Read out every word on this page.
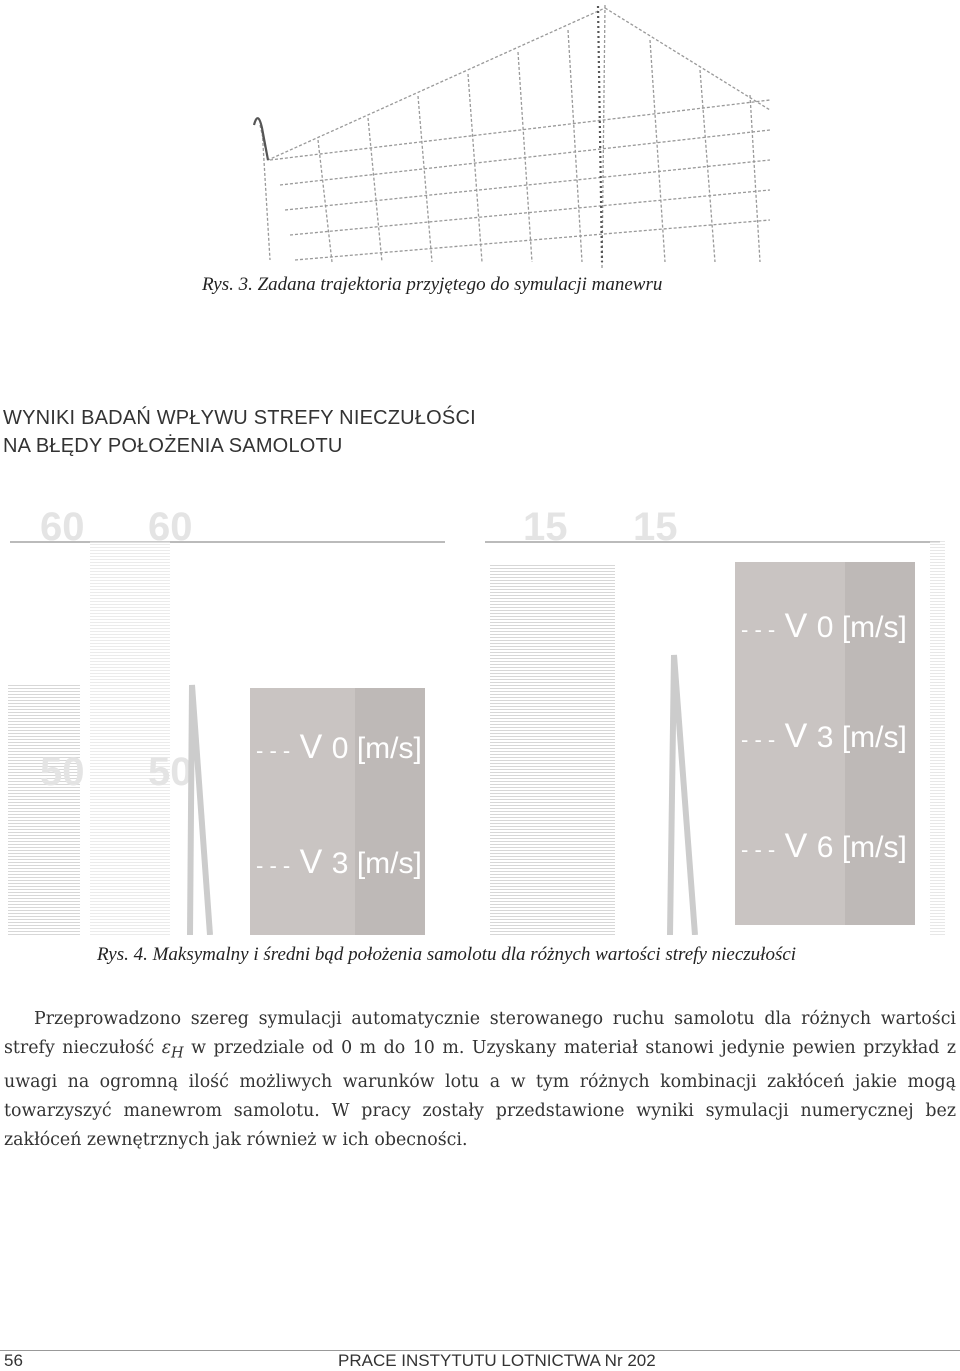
Rys. 3. Zadana trajektoria przyjętego do symulacji manewru
WYNIKI BADAŃ WPŁYWU STREFY NIECZUŁOŚCI
NA BŁĘDY POŁOŻENIA SAMOLOTU
60 60
50 50	- - - V 0 [m/s]
- - - V 3 [m/s]
15 15
- - - V 0 [m/s]
- - - V 3 [m/s]
- - - V 6 [m/s]
Rys. 4. Maksymalny i średni bąd położenia samolotu dla różnych wartości strefy nieczułości

Przeprowadzono szereg symulacji automatycznie sterowanego ruchu samolotu dla różnych wartości strefy nieczułość $\varepsilon_H$ w przedziale od 0 m do 10 m. Uzyskany materiał stanowi jedynie pewien przykład z uwagi na ogromną ilość możliwych warunków lotu a w tym różnych kombinacji zakłóceń jakie mogą towarzyszyć manewrom samolotu. W pracy zostały przedstawione wyniki symulacji numerycznej bez zakłóceń zewnętrznych jak również w ich obecności.

56	PRACE INSTYTUTU LOTNICTWA Nr 202
